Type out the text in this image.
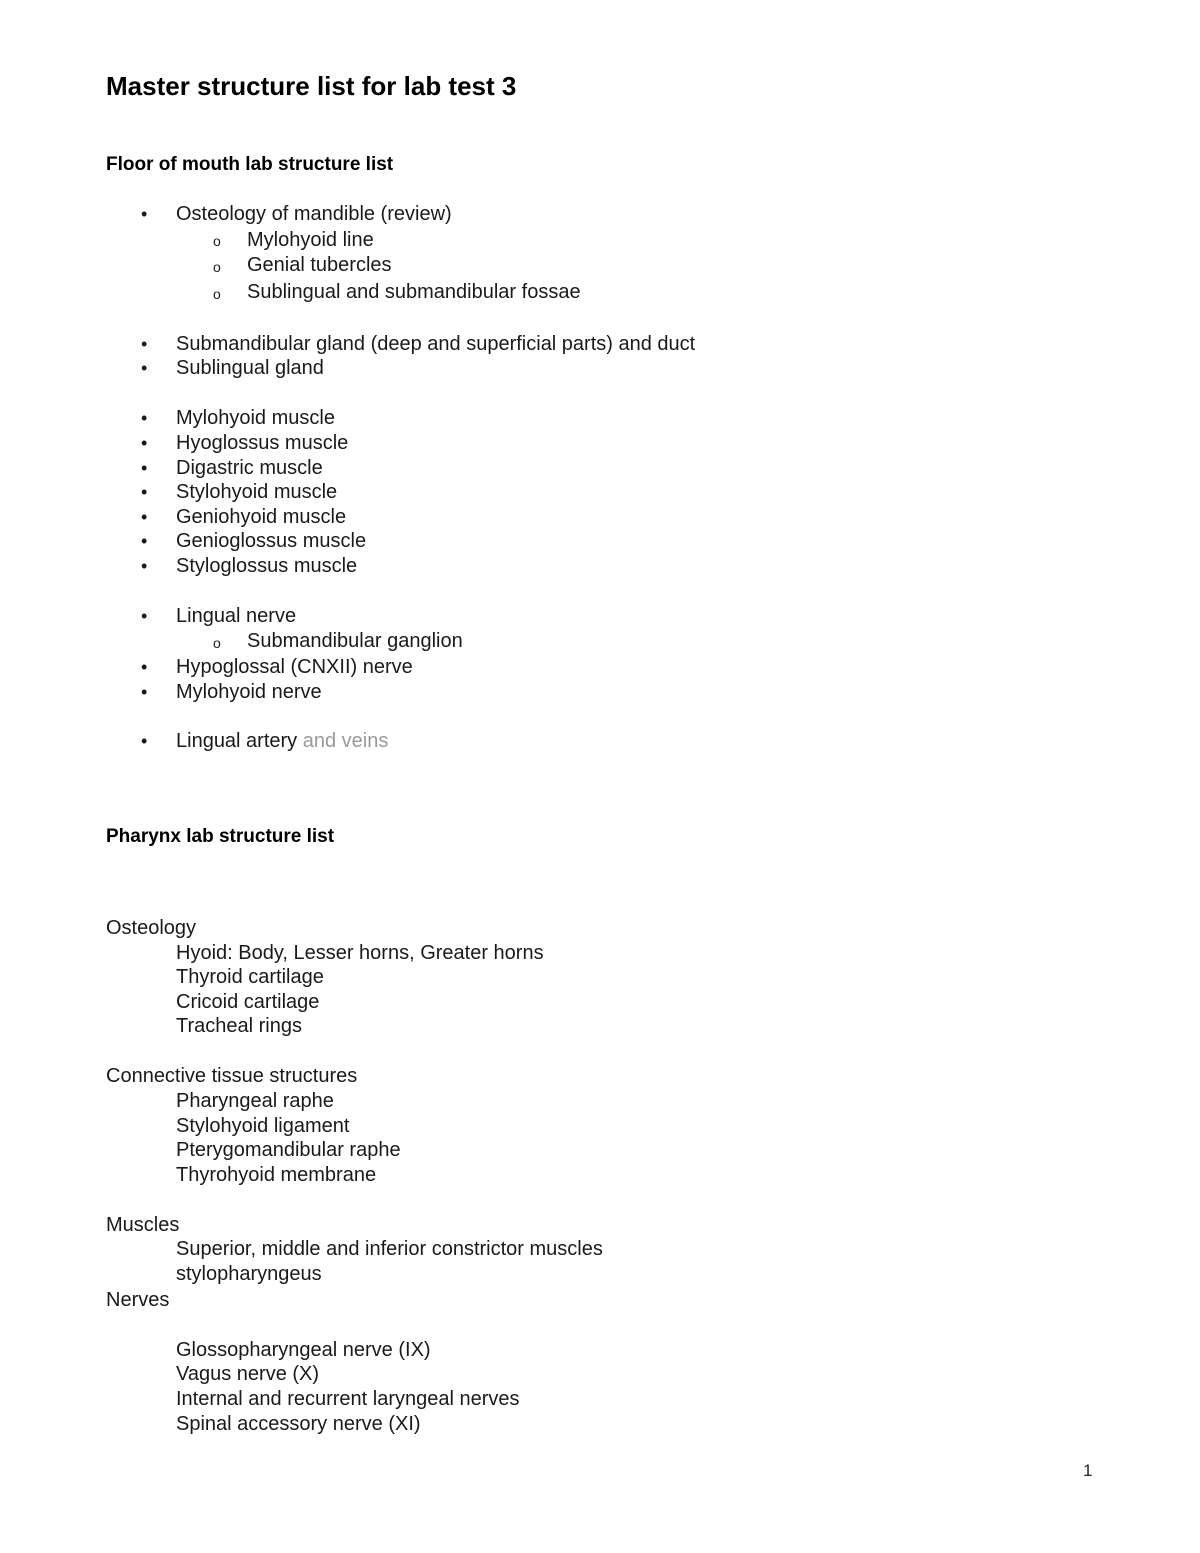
Master structure list for lab test 3
Floor of mouth lab structure list
• Osteology of mandible (review)
o Mylohyoid line
o Genial tubercles
o Sublingual and submandibular fossae
• Submandibular gland (deep and superficial parts) and duct
• Sublingual gland
• Mylohyoid muscle
• Hyoglossus muscle
• Digastric muscle
• Stylohyoid muscle
• Geniohyoid muscle
• Genioglossus muscle
• Styloglossus muscle
• Lingual nerve
o Submandibular ganglion
• Hypoglossal (CNXII) nerve
• Mylohyoid nerve
• Lingual artery and veins
Pharynx lab structure list
Osteology
Hyoid: Body, Lesser horns, Greater horns
Thyroid cartilage
Cricoid cartilage
Tracheal rings
Connective tissue structures
Pharyngeal raphe
Stylohyoid ligament
Pterygomandibular raphe
Thyrohyoid membrane
Muscles
Superior, middle and inferior constrictor muscles
stylopharyngeus
Nerves
Glossopharyngeal nerve (IX)
Vagus nerve (X)
Internal and recurrent laryngeal nerves
Spinal accessory nerve (XI)
1
